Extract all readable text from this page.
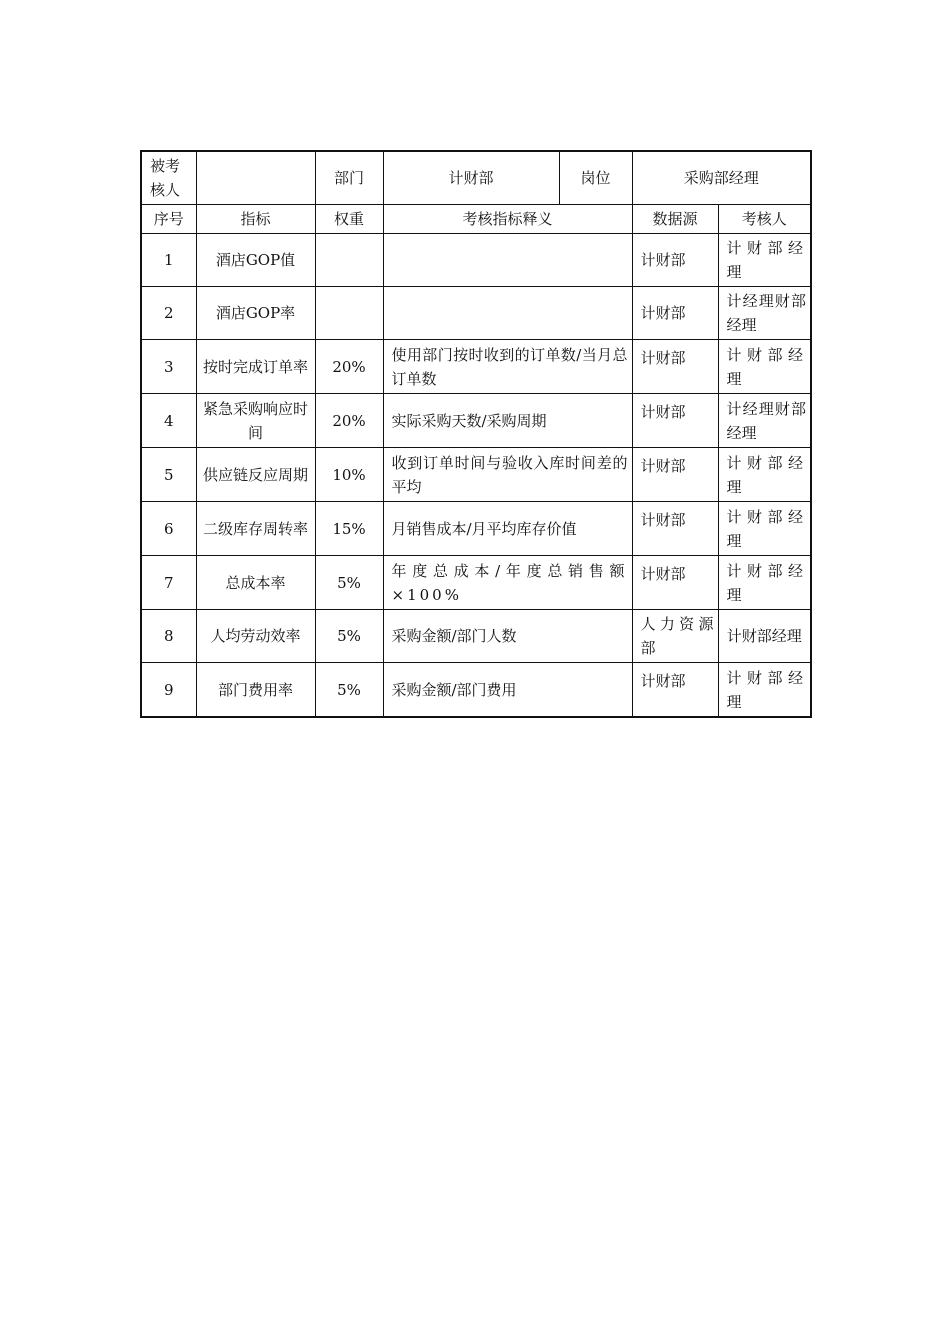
被考核人		部门	计财部	岗位	采购部经理	
序号	指标	权重	考核指标释义		数据源	考核人
1	酒店GOP值				计财部	计财部经理
2	酒店GOP率				计财部	计经理财部经理
3	按时完成订单率	20%	使用部门按时收到的订单数/当月总订单数		计财部	计财部经理
4	紧急采购响应时间	20%	实际采购天数/采购周期		计财部	计经理财部经理
5	供应链反应周期	10%	收到订单时间与验收入库时间差的平均		计财部	计财部经理
6	二级库存周转率	15%	月销售成本/月平均库存价值		计财部	计财部经理
7	总成本率	5%	年度总成本/年度总销售额×100%		计财部	计财部经理
8	人均劳动效率	5%	采购金额/部门人数		人力资源部	计财部经理
9	部门费用率	5%	采购金额/部门费用		计财部	计财部经理
